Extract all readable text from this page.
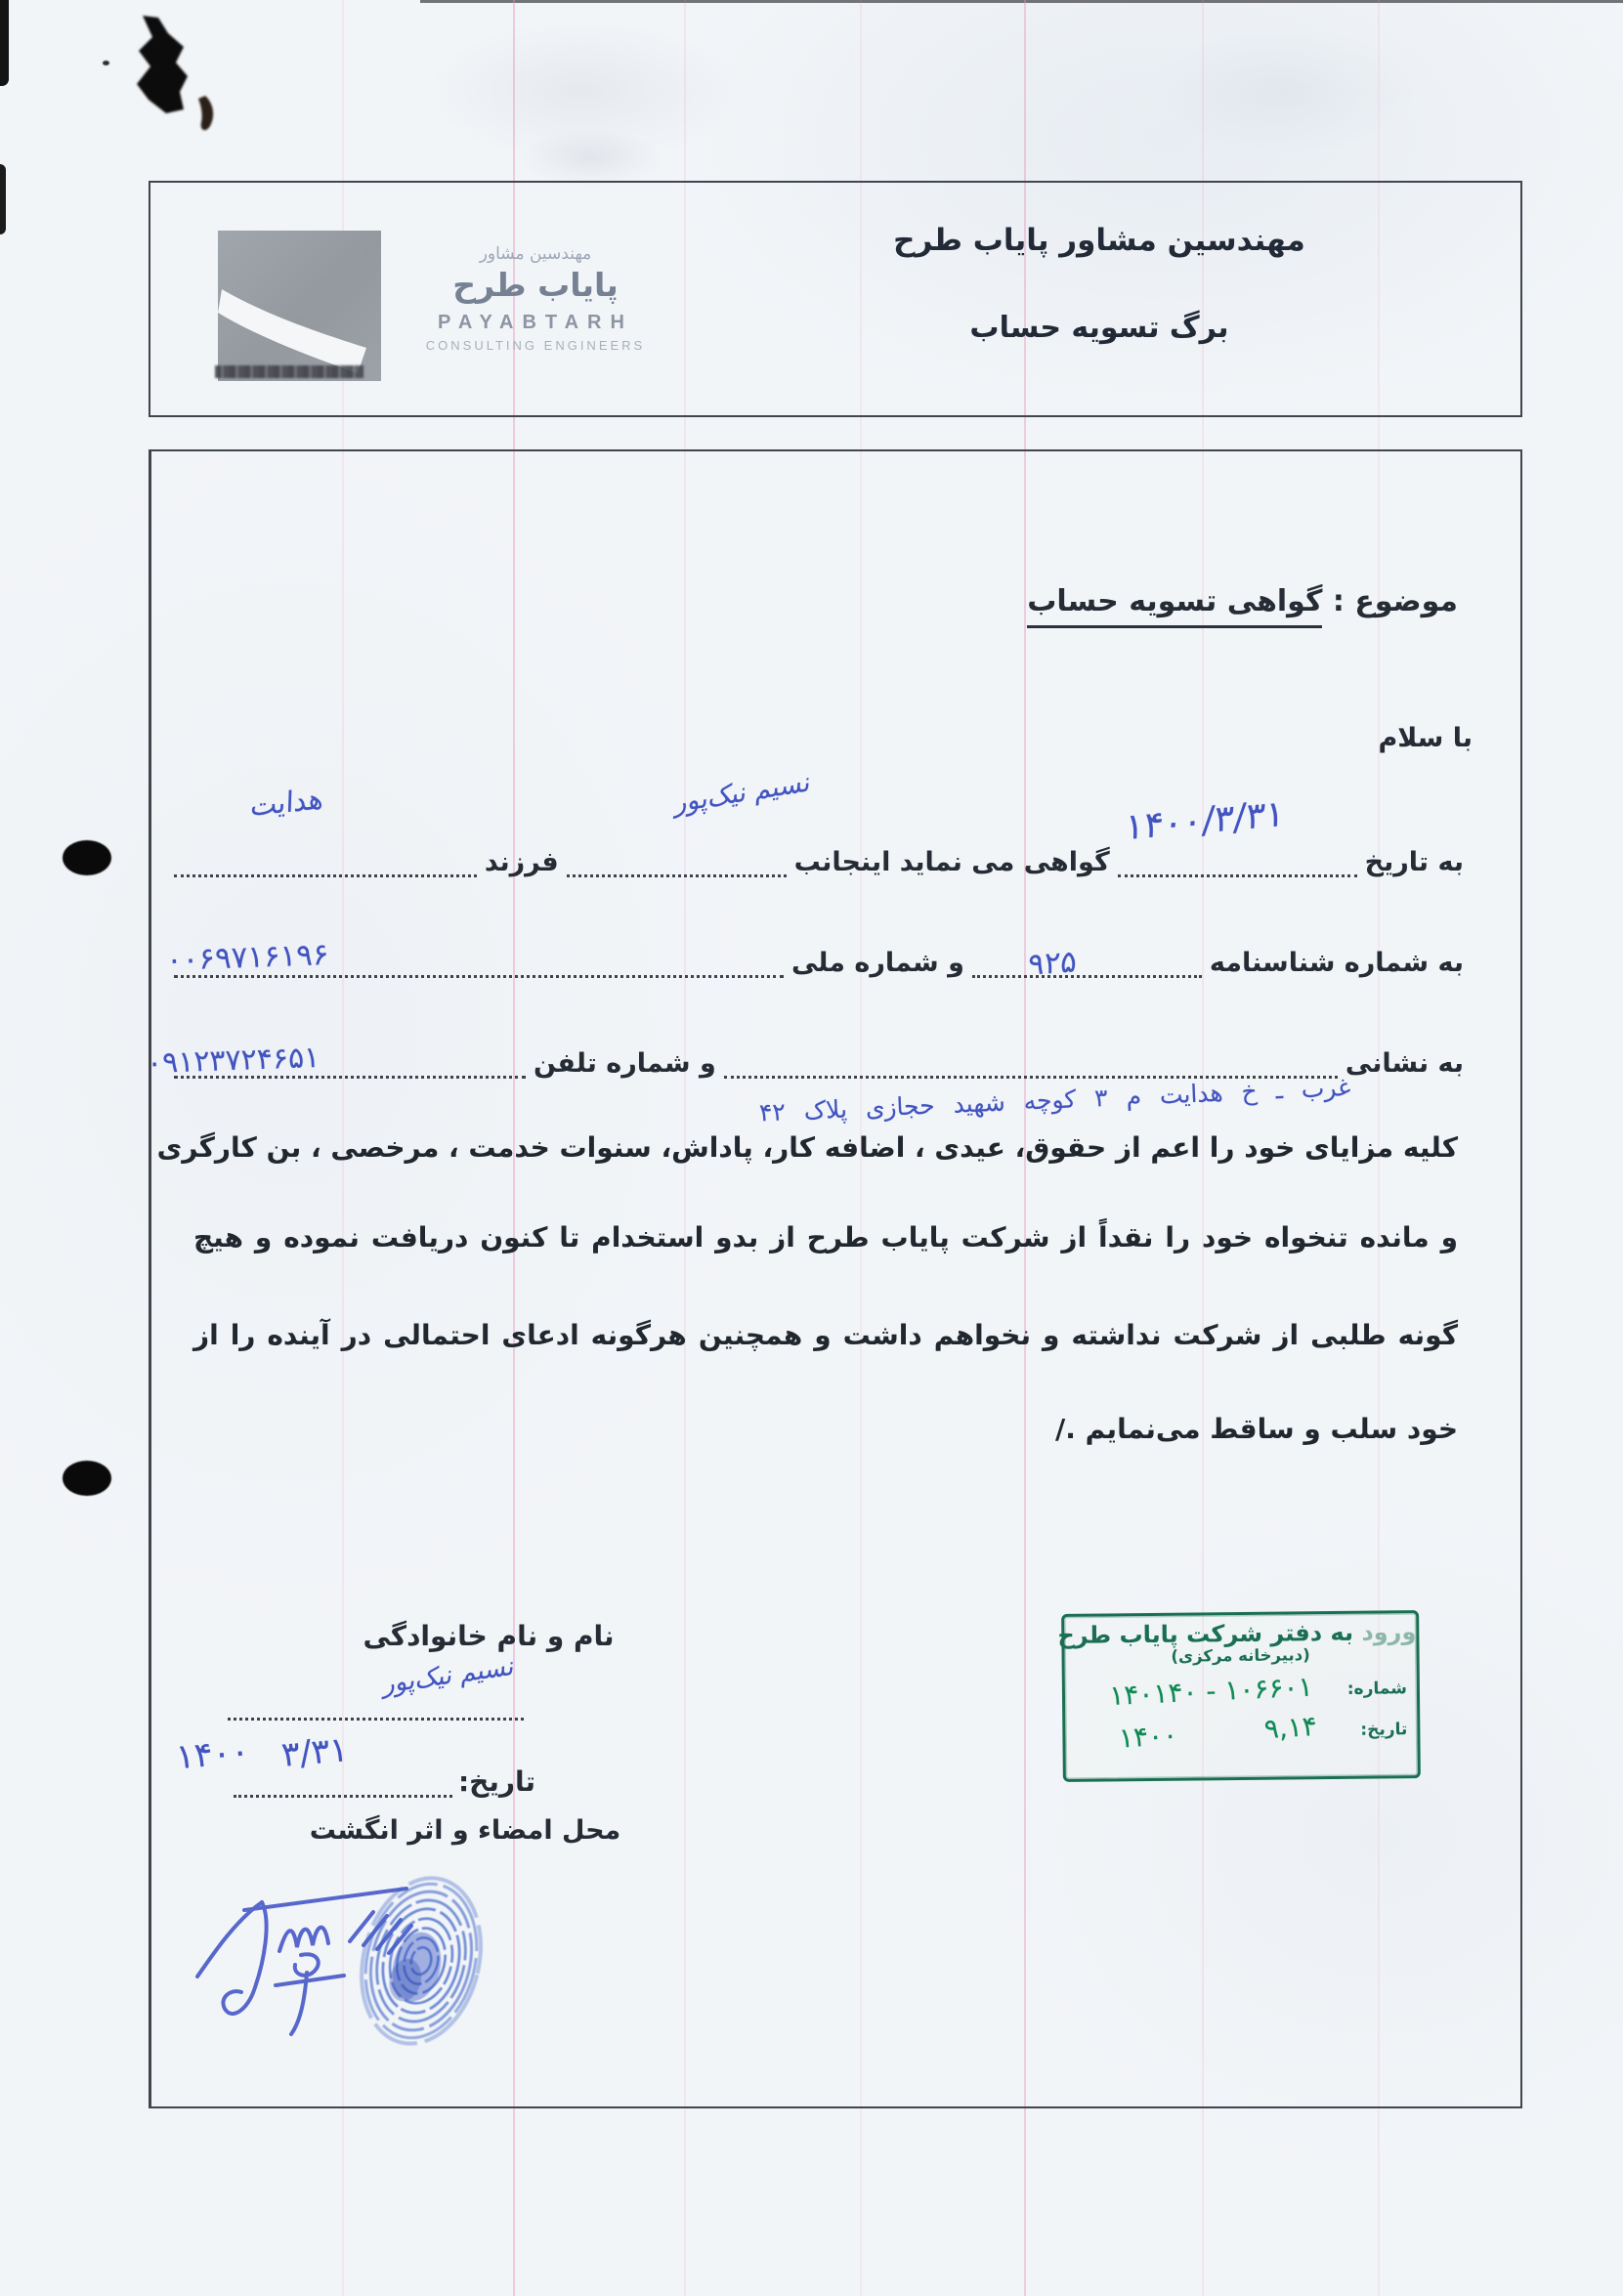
مهندسین مشاور
پایاب طرح
PAYABTARH
CONSULTING ENGINEERS
مهندسین مشاور پایاب طرح
برگ تسویه حساب
موضوع : گواهی تسویه حساب
با سلام
به تاریخ
گواهی می نماید اینجانب
فرزند
۱۴۰۰/۳/۳۱
نسیم نیک‌پور
هدایت
به شماره شناسنامه
و شماره ملی ۹۲۵
۰۰۶۹۷۱۶۱۹۶
به نشانی
و شماره تلفن
غرب ـ خ هدایت م ۳ کوچه شهید حجازی پلاک ۴۲
۰۹۱۲۳۷۲۴۶۵۱
کلیه مزایای خود را اعم از حقوق، عیدی ، اضافه کار، پاداش، سنوات خدمت ، مرخصی ، بن کارگری
و مانده تنخواه خود را نقداً از شرکت پایاب طرح از بدو استخدام تا کنون دریافت نموده و هیچ
گونه طلبی از شرکت نداشته و نخواهم داشت و همچنین هرگونه ادعای احتمالی در آینده را از
خود سلب و ساقط می‌نمایم ./
نام و نام خانوادگی
نسیم نیک‌پور
تاریخ:
۳/۳۱
۱۴۰۰
محل امضاء و اثر انگشت
ورود به دفتر شرکت پایاب طرح
(دبیرخانه مرکزی)
شماره:
۱۴۰۱۴۰ - ۱۰۶۶۰۱
تاریخ:
۱۴۰۰	۹,۱۴
